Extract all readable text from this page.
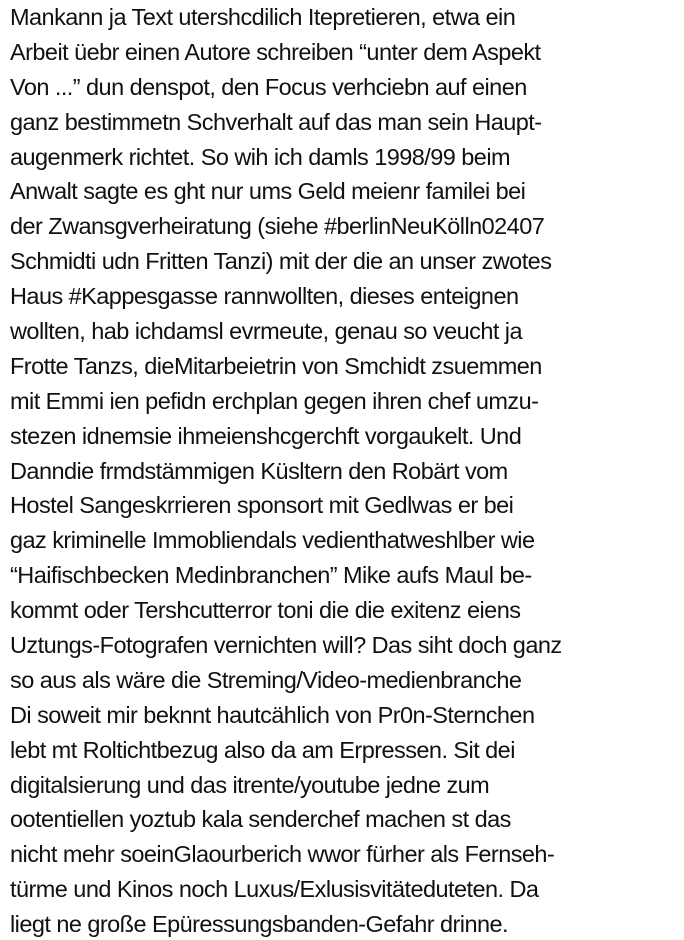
Mankann ja Text utershcdilich Itepretieren, etwa ein
Arbeit üebr einen Autore schreiben “unter dem Aspekt
Von ...” dun denspot, den Focus verhciebn auf einen
ganz bestimmetn Schverhalt auf das man sein Haupt-
augenmerk richtet. So wih ich damls 1998/99 beim
Anwalt sagte es ght nur ums Geld meienr familei bei
der Zwansgverheiratung (siehe #berlinNeuKölln02407
Schmidti udn Fritten Tanzi) mit der die an unser zwotes
Haus #Kappesgasse rannwollten, dieses enteignen
wollten, hab ichdamsl evrmeute, genau so veucht ja
Frotte Tanzs, dieMitarbeietrin von Smchidt zsuemmen
mit Emmi ien pefidn erchplan gegen ihren chef umzu-
stezen idnemsie ihmeienshcgerchft vorgaukelt. Und
Danndie frmdstämmigen Küsltern den Robärt vom
Hostel Sangeskrrieren sponsort mit Gedlwas er bei
gaz kriminelle Immobliendals vedienthatweshlber wie
“Haifischbecken Medinbranchen” Mike aufs Maul be-
kommt oder Tershcutterror toni die die exitenz eiens
Uztungs-Fotografen vernichten will? Das siht doch ganz
so aus als wäre die Streming/Video-medienbranche
Di soweit mir beknnt hautcählich von Pr0n-Sternchen
lebt mt Roltichtbezug also da am Erpressen. Sit dei
digitalsierung und das itrente/youtube jedne zum
ootentiellen yoztub kala senderchef machen st das
nicht mehr soeinGlaourberich wwor fürher als Fernseh-
türme und Kinos noch Luxus/Exlusisvitäteduteten. Da
liegt ne große Epüressungsbanden-Gefahr drinne.
